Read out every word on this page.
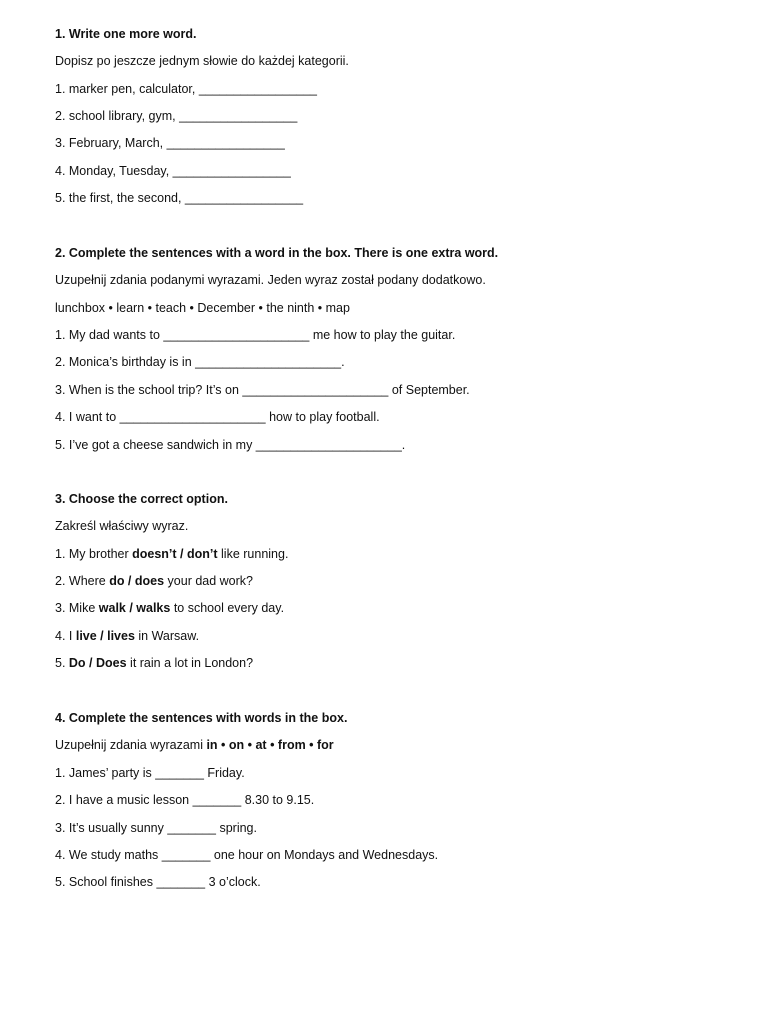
1. Write one more word.
Dopisz po jeszcze jednym słowie do każdej kategorii.
1. marker pen, calculator, _________________
2. school library, gym, _________________
3. February, March, _________________
4. Monday, Tuesday, _________________
5. the first, the second, _________________
2. Complete the sentences with a word in the box. There is one extra word.
Uzupełnij zdania podanymi wyrazami. Jeden wyraz został podany dodatkowo.
lunchbox • learn • teach • December • the ninth • map
1. My dad wants to _____________________ me how to play the guitar.
2. Monica’s birthday is in _____________________.
3. When is the school trip? It’s on _____________________ of September.
4. I want to _____________________ how to play football.
5. I’ve got a cheese sandwich in my _____________________.
3. Choose the correct option.
Zakreśl właściwy wyraz.
1. My brother doesn’t / don’t like running.
2. Where do / does your dad work?
3. Mike walk / walks to school every day.
4. I live / lives in Warsaw.
5. Do / Does it rain a lot in London?
4. Complete the sentences with words in the box.
Uzupełnij zdania wyrazami in • on • at • from • for
1. James’ party is _______ Friday.
2. I have a music lesson _______ 8.30 to 9.15.
3. It’s usually sunny _______ spring.
4. We study maths _______ one hour on Mondays and Wednesdays.
5. School finishes _______ 3 o’clock.
